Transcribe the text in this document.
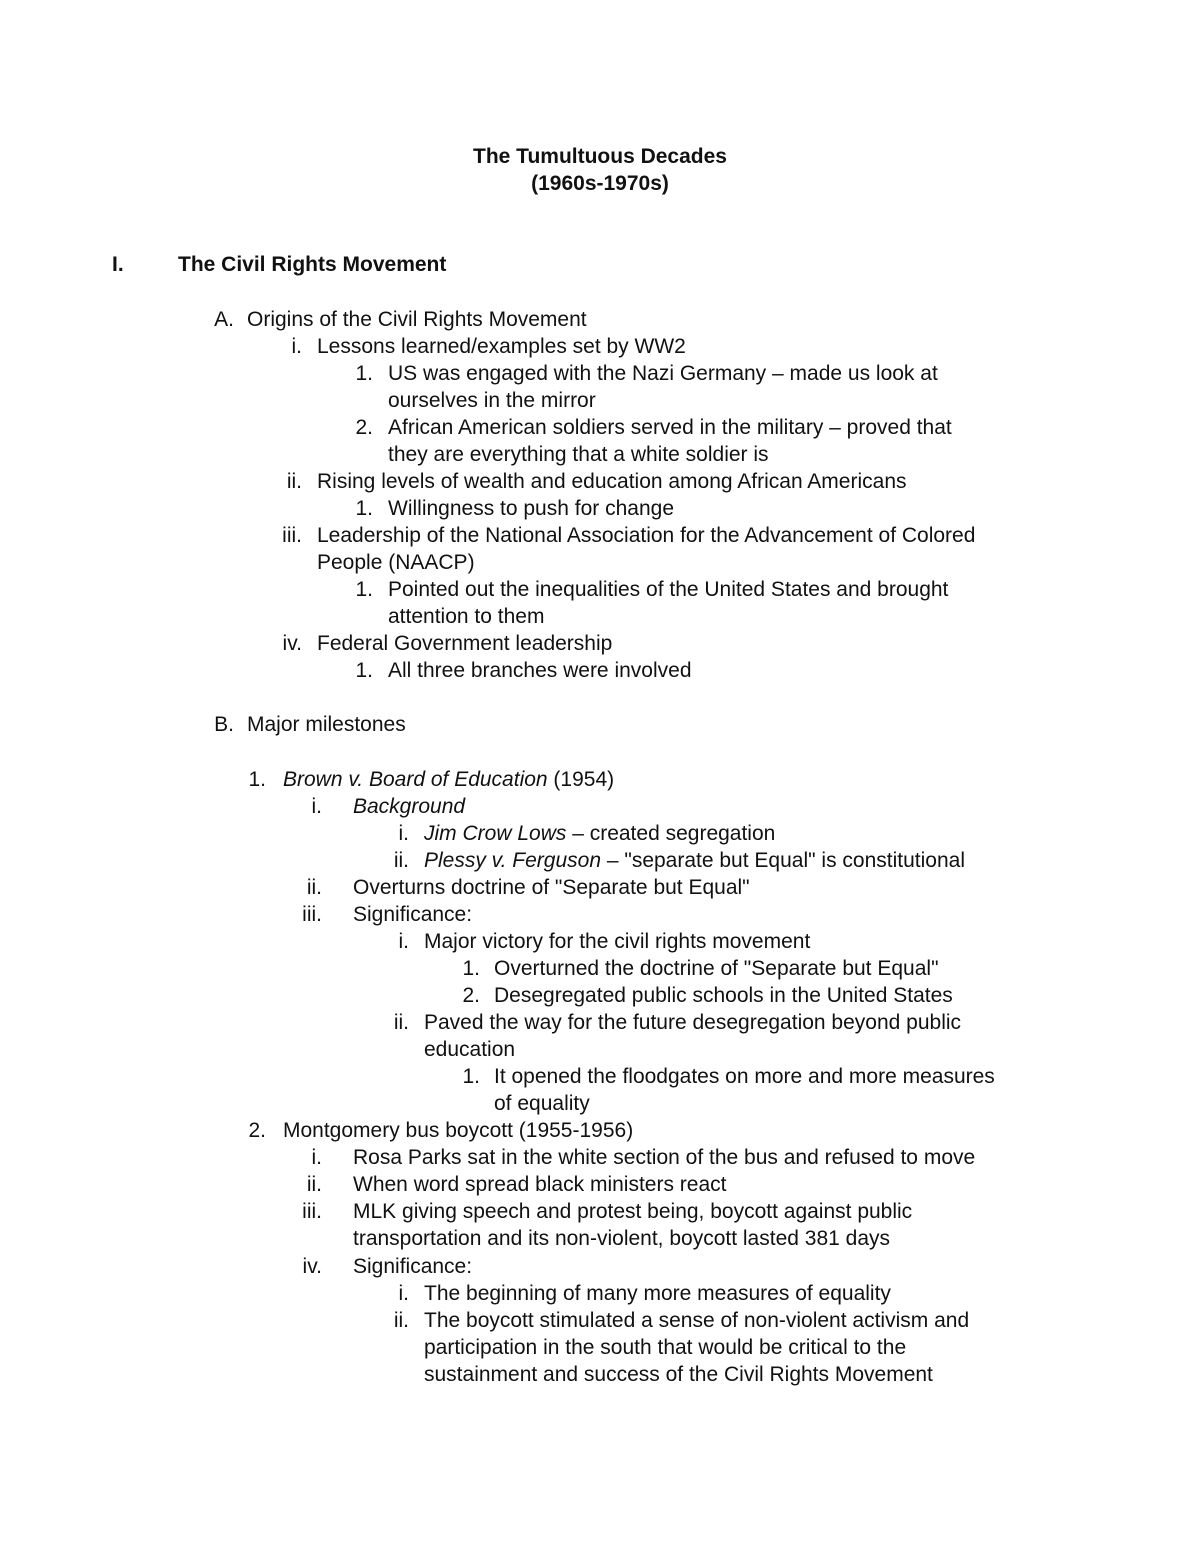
The Tumultuous Decades
(1960s-1970s)
I.	The Civil Rights Movement
A. Origins of the Civil Rights Movement
i. Lessons learned/examples set by WW2
1. US was engaged with the Nazi Germany – made us look at
ourselves in the mirror
2. African American soldiers served in the military – proved that
they are everything that a white soldier is
ii. Rising levels of wealth and education among African Americans
1. Willingness to push for change
iii. Leadership of the National Association for the Advancement of Colored
People (NAACP)
1. Pointed out the inequalities of the United States and brought
attention to them
iv. Federal Government leadership
1. All three branches were involved
B. Major milestones
1. Brown v. Board of Education (1954)
i. Background
i. Jim Crow Lows – created segregation
ii. Plessy v. Ferguson – "separate but Equal" is constitutional
ii. Overturns doctrine of "Separate but Equal"
iii. Significance:
i. Major victory for the civil rights movement
1. Overturned the doctrine of "Separate but Equal"
2. Desegregated public schools in the United States
ii. Paved the way for the future desegregation beyond public
education
1. It opened the floodgates on more and more measures
of equality
2. Montgomery bus boycott (1955-1956)
i. Rosa Parks sat in the white section of the bus and refused to move
ii. When word spread black ministers react
iii. MLK giving speech and protest being, boycott against public
transportation and its non-violent, boycott lasted 381 days
iv. Significance:
i. The beginning of many more measures of equality
ii. The boycott stimulated a sense of non-violent activism and
participation in the south that would be critical to the
sustainment and success of the Civil Rights Movement
